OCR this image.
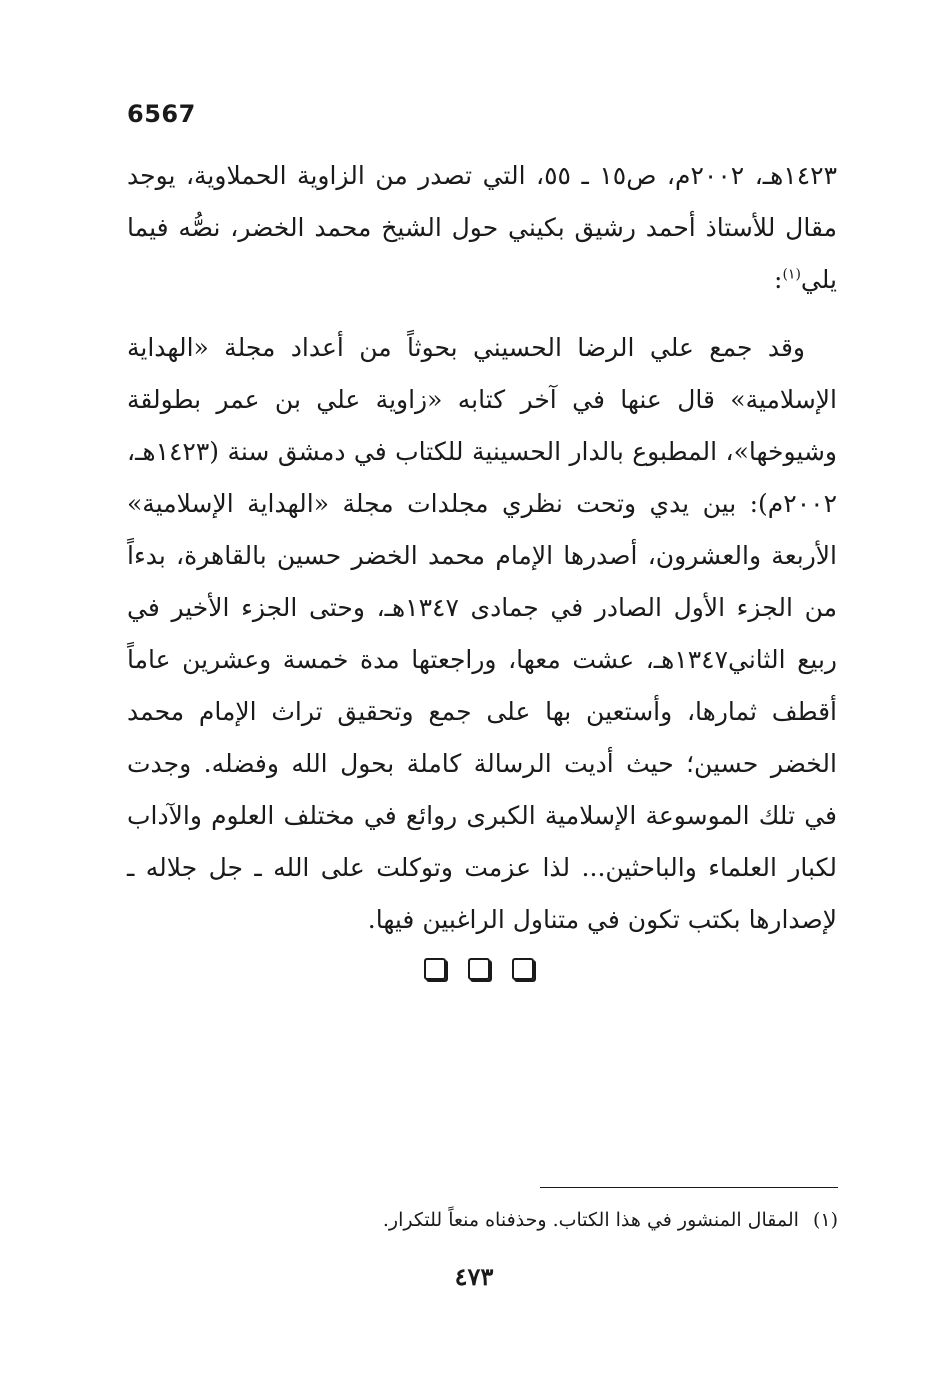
6567

١٤٢٣هـ، ٢٠٠٢م، ص١٥ ـ ٥٥، التي تصدر من الزاوية الحملاوية، يوجد مقال للأستاذ أحمد رشيق بكيني حول الشيخ محمد الخضر، نصُّه فيما يلي$^{(١)}$:

وقد جمع علي الرضا الحسيني بحوثاً من أعداد مجلة «الهداية الإسلامية» قال عنها في آخر كتابه «زاوية علي بن عمر بطولقة وشيوخها»، المطبوع بالدار الحسينية للكتاب في دمشق سنة (١٤٢٣هـ، ٢٠٠٢م): بين يدي وتحت نظري مجلدات مجلة «الهداية الإسلامية» الأربعة والعشرون، أصدرها الإمام محمد الخضر حسين بالقاهرة، بدءاً من الجزء الأول الصادر في جمادى ١٣٤٧هـ، وحتى الجزء الأخير في ربيع الثاني١٣٤٧هـ، عشت معها، وراجعتها مدة خمسة وعشرين عاماً أقطف ثمارها، وأستعين بها على جمع وتحقيق تراث الإمام محمد الخضر حسين؛ حيث أديت الرسالة كاملة بحول الله وفضله. وجدت في تلك الموسوعة الإسلامية الكبرى روائع في مختلف العلوم والآداب لكبار العلماء والباحثين... لذا عزمت وتوكلت على الله ـ جل جلاله ـ لإصدارها بكتب تكون في متناول الراغبين فيها.

(١)المقال المنشور في هذا الكتاب. وحذفناه منعاً للتكرار.
٤٧٣
